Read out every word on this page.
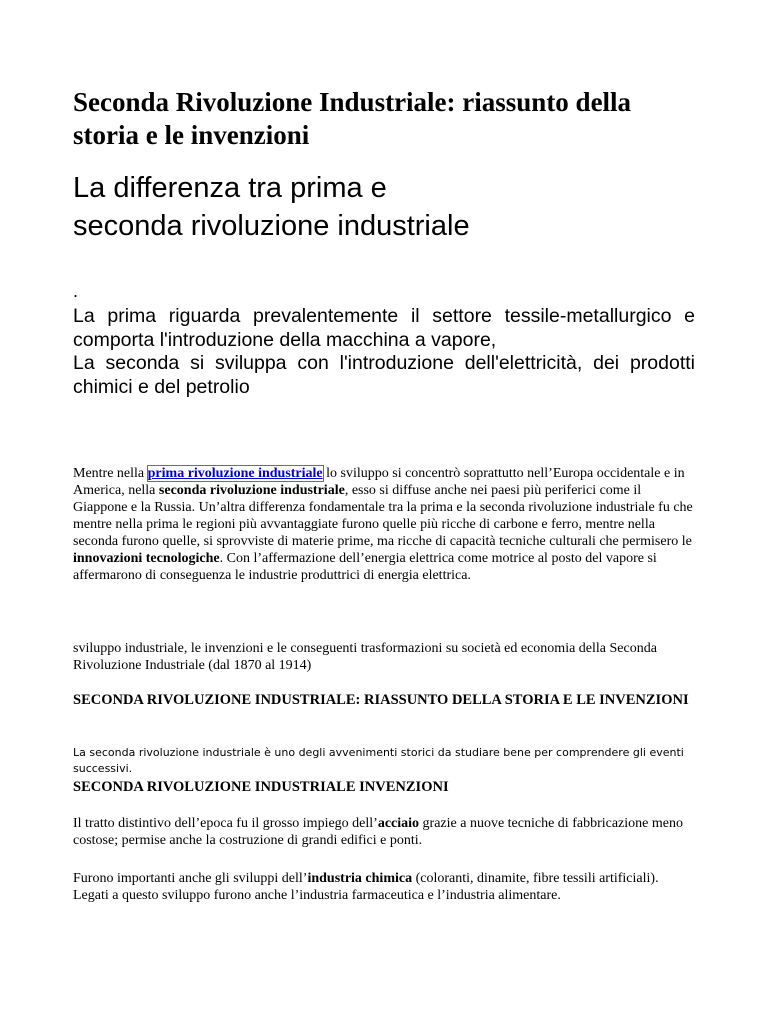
Seconda Rivoluzione Industriale: riassunto della storia e le invenzioni
La differenza tra prima e seconda rivoluzione industriale
.

La prima riguarda prevalentemente il settore tessile-metallurgico e comporta l'introduzione della macchina a vapore,

La seconda si sviluppa con l'introduzione dell'elettricità, dei prodotti chimici e del petrolio

Mentre nella prima rivoluzione industriale lo sviluppo si concentrò soprattutto nell’Europa occidentale e in America, nella seconda rivoluzione industriale, esso si diffuse anche nei paesi più periferici come il Giappone e la Russia. Un’altra differenza fondamentale tra la prima e la seconda rivoluzione industriale fu che mentre nella prima le regioni più avvantaggiate furono quelle più ricche di carbone e ferro, mentre nella seconda furono quelle, si sprovviste di materie prime, ma ricche di capacità tecniche culturali che permisero le innovazioni tecnologiche. Con l’affermazione dell’energia elettrica come motrice al posto del vapore si affermarono di conseguenza le industrie produttrici di energia elettrica.

sviluppo industriale, le invenzioni e le conseguenti trasformazioni su società ed economia della Seconda Rivoluzione Industriale (dal 1870 al 1914)

SECONDA RIVOLUZIONE INDUSTRIALE: RIASSUNTO DELLA STORIA E LE INVENZIONI

La seconda rivoluzione industriale è uno degli avvenimenti storici da studiare bene per comprendere gli eventi successivi.

SECONDA RIVOLUZIONE INDUSTRIALE INVENZIONI

Il tratto distintivo dell’epoca fu il grosso impiego dell’acciaio grazie a nuove tecniche di fabbricazione meno costose; permise anche la costruzione di grandi edifici e ponti.

Furono importanti anche gli sviluppi dell’industria chimica (coloranti, dinamite, fibre tessili artificiali). Legati a questo sviluppo furono anche l’industria farmaceutica e l’industria alimentare.
